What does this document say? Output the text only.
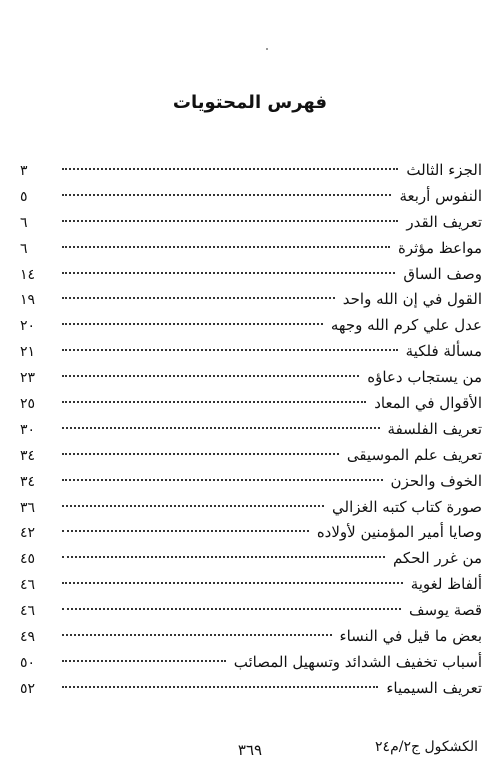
فهرس المحتويات
الجزء الثالث
٣
النفوس أربعة
٥
تعريف القدر
٦
مواعظ مؤثرة
٦
وصف الساق
١٤
القول في إن الله واحد
١٩
عدل علي كرم الله وجهه
٢٠
مسألة فلكية
٢١
من يستجاب دعاؤه
٢٣
الأقوال في المعاد
٢٥
تعريف الفلسفة
٣٠
تعريف علم الموسيقى
٣٤
الخوف والحزن
٣٤
صورة كتاب كتبه الغزالي
٣٦
وصايا أمير المؤمنين لأولاده
٤٢
من غرر الحكم
٤٥
ألفاظ لغوية
٤٦
قصة يوسف
٤٦
بعض ما قيل في النساء
٤٩
أسباب تخفيف الشدائد وتسهيل المصائب
٥٠
تعريف السيمياء
٥٢
الكشكول ج٢/م٢٤
٣٦٩
